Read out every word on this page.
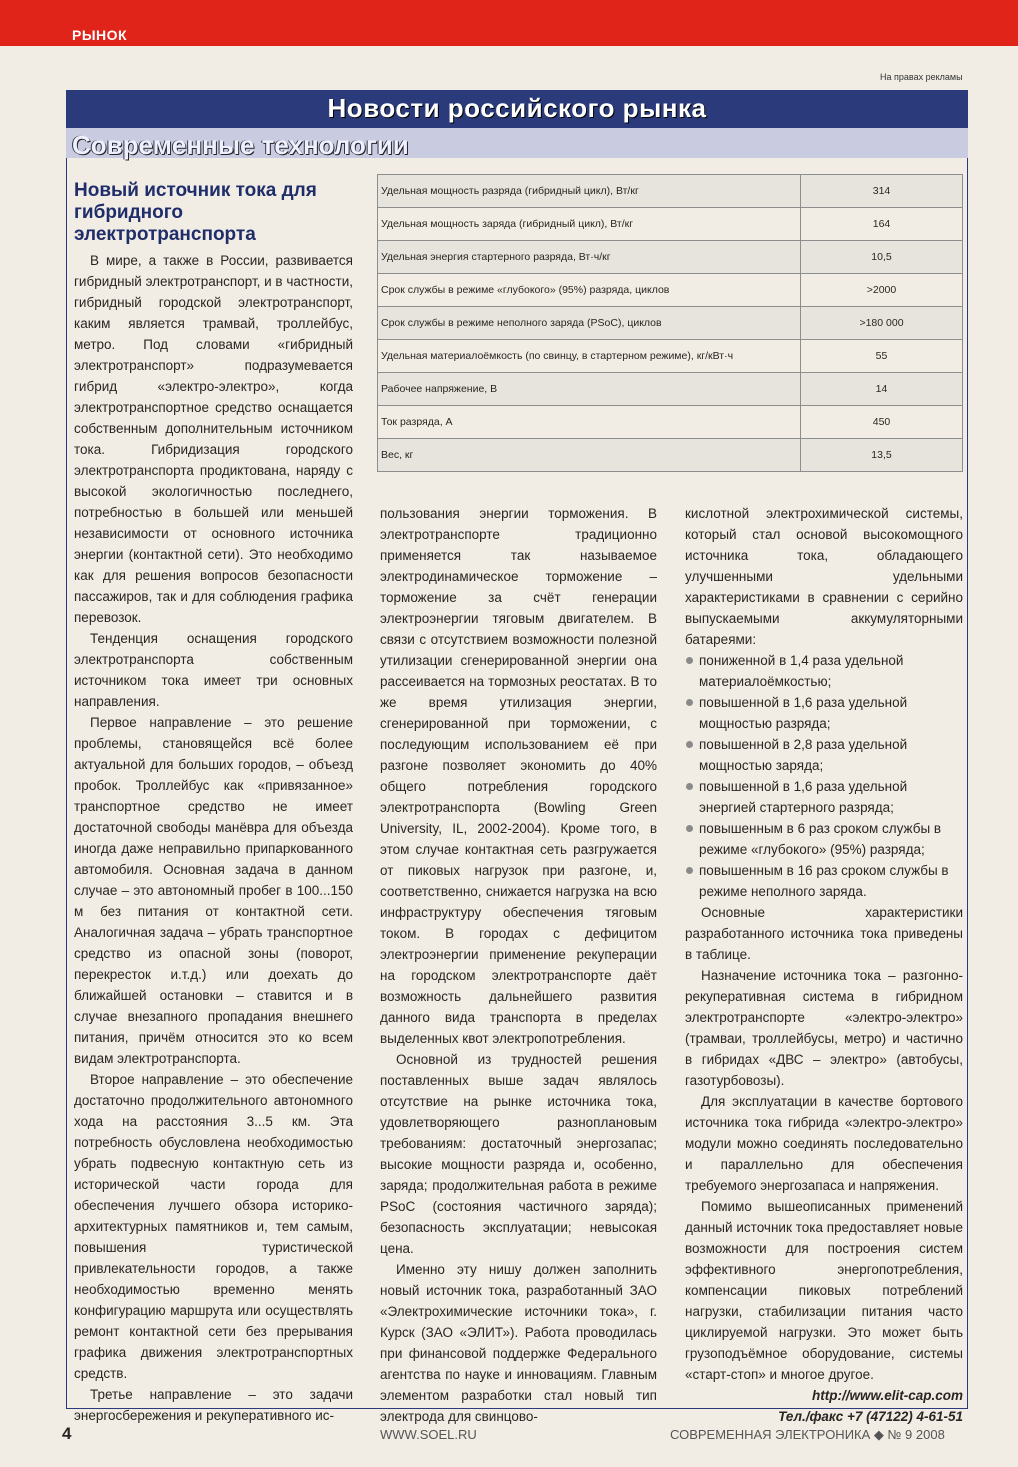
РЫНОК
На правах рекламы
Новости российского рынка
Современные технологии
Новый источник тока для гибридного электротранспорта

В мире, а также в России, развивается гибридный электротранспорт, и в частности, гибридный городской электротранспорт, каким является трамвай, троллейбус, метро. Под словами «гибридный электротранспорт» подразумевается гибрид «электро-электро», когда электротранспортное средство оснащается собственным дополнительным источником тока. Гибридизация городского электротранспорта продиктована, наряду с высокой экологичностью последнего, потребностью в большей или меньшей независимости от основного источника энергии (контактной сети). Это необходимо как для решения вопросов безопасности пассажиров, так и для соблюдения графика перевозок.

Тенденция оснащения городского электротранспорта собственным источником тока имеет три основных направления.

Первое направление – это решение проблемы, становящейся всё более актуальной для больших городов, – объезд пробок. Троллейбус как «привязанное» транспортное средство не имеет достаточной свободы манёвра для объезда иногда даже неправильно припаркованного автомобиля. Основная задача в данном случае – это автономный пробег в 100...150 м без питания от контактной сети. Аналогичная задача – убрать транспортное средство из опасной зоны (поворот, перекресток и.т.д.) или доехать до ближайшей остановки – ставится и в случае внезапного пропадания внешнего питания, причём относится это ко всем видам электротранспорта.

Второе направление – это обеспечение достаточно продолжительного автономного хода на расстояния 3...5 км. Эта потребность обусловлена необходимостью убрать подвесную контактную сеть из исторической части города для обеспечения лучшего обзора историко-архитектурных памятников и, тем самым, повышения туристической привлекательности городов, а также необходимостью временно менять конфигурацию маршрута или осуществлять ремонт контактной сети без прерывания графика движения электротранспортных средств.

Третье направление – это задачи энергосбережения и рекуперативного ис-

Удельная мощность разряда (гибридный цикл), Вт/кг	314
Удельная мощность заряда (гибридный цикл), Вт/кг	164
Удельная энергия стартерного разряда, Вт·ч/кг	10,5
Срок службы в режиме «глубокого» (95%) разряда, циклов	>2000
Срок службы в режиме неполного заряда (PSoC), циклов	>180 000
Удельная материалоёмкость (по свинцу, в стартерном режиме), кг/кВт·ч	55
Рабочее напряжение, В	14
Ток разряда, А	450
Вес, кг	13,5

пользования энергии торможения. В электротранспорте традиционно применяется так называемое электродинамическое торможение – торможение за счёт генерации электроэнергии тяговым двигателем. В связи с отсутствием возможности полезной утилизации сгенерированной энергии она рассеивается на тормозных реостатах. В то же время утилизация энергии, сгенерированной при торможении, с последующим использованием её при разгоне позволяет экономить до 40% общего потребления городского электротранспорта (Bowling Green University, IL, 2002-2004). Кроме того, в этом случае контактная сеть разгружается от пиковых нагрузок при разгоне, и, соответственно, снижается нагрузка на всю инфраструктуру обеспечения тяговым током. В городах с дефицитом электроэнергии применение рекуперации на городском электротранспорте даёт возможность дальнейшего развития данного вида транспорта в пределах выделенных квот электропотребления.

Основной из трудностей решения поставленных выше задач являлось отсутствие на рынке источника тока, удовлетворяющего разноплановым требованиям: достаточный энергозапас; высокие мощности разряда и, особенно, заряда; продолжительная работа в режиме PSoC (состояния частичного заряда); безопасность эксплуатации; невысокая цена.

Именно эту нишу должен заполнить новый источник тока, разработанный ЗАО «Электрохимические источники тока», г. Курск (ЗАО «ЭЛИТ»). Работа проводилась при финансовой поддержке Федерального агентства по науке и инновациям. Главным элементом разработки стал новый тип электрода для свинцово-

кислотной электрохимической системы, который стал основой высокомощного источника тока, обладающего улучшенными удельными характеристиками в сравнении с серийно выпускаемыми аккумуляторными батареями:

пониженной в 1,4 раза удельной материалоёмкостью;
повышенной в 1,6 раза удельной мощностью разряда;
повышенной в 2,8 раза удельной мощностью заряда;
повышенной в 1,6 раза удельной энергией стартерного разряда;
повышенным в 6 раз сроком службы в режиме «глубокого» (95%) разряда;
повышенным в 16 раз сроком службы в режиме неполного заряда.

Основные характеристики разработанного источника тока приведены в таблице.

Назначение источника тока – разгонно-рекуперативная система в гибридном электротранспорте «электро-электро» (трамваи, троллейбусы, метро) и частично в гибридах «ДВС – электро» (автобусы, газотурбовозы).

Для эксплуатации в качестве бортового источника тока гибрида «электро-электро» модули можно соединять последовательно и параллельно для обеспечения требуемого энергозапаса и напряжения.

Помимо вышеописанных применений данный источник тока предоставляет новые возможности для построения систем эффективного энергопотребления, компенсации пиковых потреблений нагрузки, стабилизации питания часто циклируемой нагрузки. Это может быть грузоподъёмное оборудование, системы «старт-стоп» и многое другое.

http://www.elit-cap.com
Тел./факс +7 (47122) 4-61-51
4	WWW.SOEL.RU	СОВРЕМЕННАЯ ЭЛЕКТРОНИКА ◆ № 9 2008
